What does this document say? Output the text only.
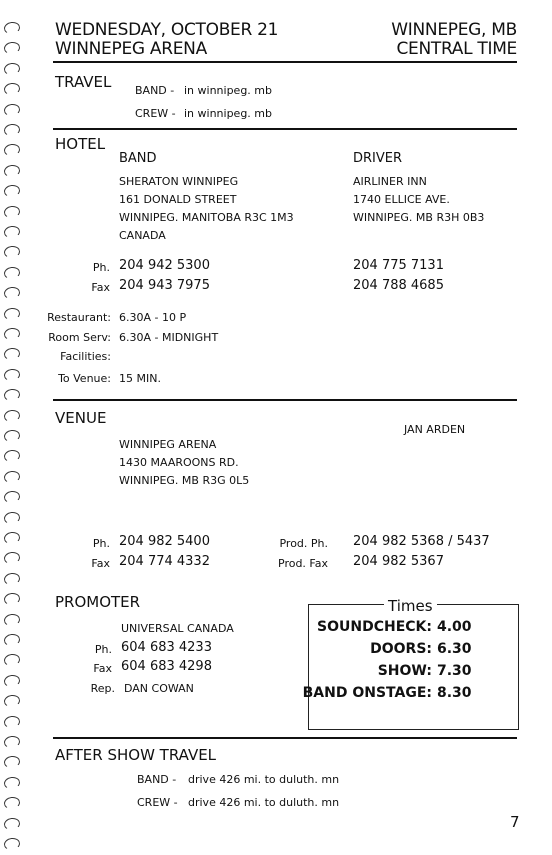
WEDNESDAY, OCTOBER 21
WINNEPEG ARENA
WINNEPEG, MB
CENTRAL TIME
TRAVEL BAND - in winnipeg. mb
CREW - in winnipeg. mb
HOTEL
BAND
SHERATON WINNIPEG
161 DONALD STREET
WINNIPEG. MANITOBA R3C 1M3
CANADA
DRIVER
AIRLINER INN
1740 ELLICE AVE.
WINNIPEG. MB R3H 0B3
Ph. 204 942 5300	204 775 7131
Fax 204 943 7975	204 788 4685
Restaurant: 6.30A - 10 P
Room Serv: 6.30A - MIDNIGHT
Facilities:
To Venue: 15 MIN.
VENUE
JAN ARDEN
WINNIPEG ARENA
1430 MAAROONS RD.
WINNIPEG. MB R3G 0L5
Ph. 204 982 5400
Fax 204 774 4332
Prod. Ph. 204 982 5368 / 5437
Prod. Fax 204 982 5367
PROMOTER
UNIVERSAL CANADA
Ph. 604 683 4233
Fax 604 683 4298
Rep. DAN COWAN
Times
SOUNDCHECK: 4.00
DOORS: 6.30
SHOW: 7.30
BAND ONSTAGE: 8.30
AFTER SHOW TRAVEL
BAND - drive 426 mi. to duluth. mn
CREW - drive 426 mi. to duluth. mn
7
